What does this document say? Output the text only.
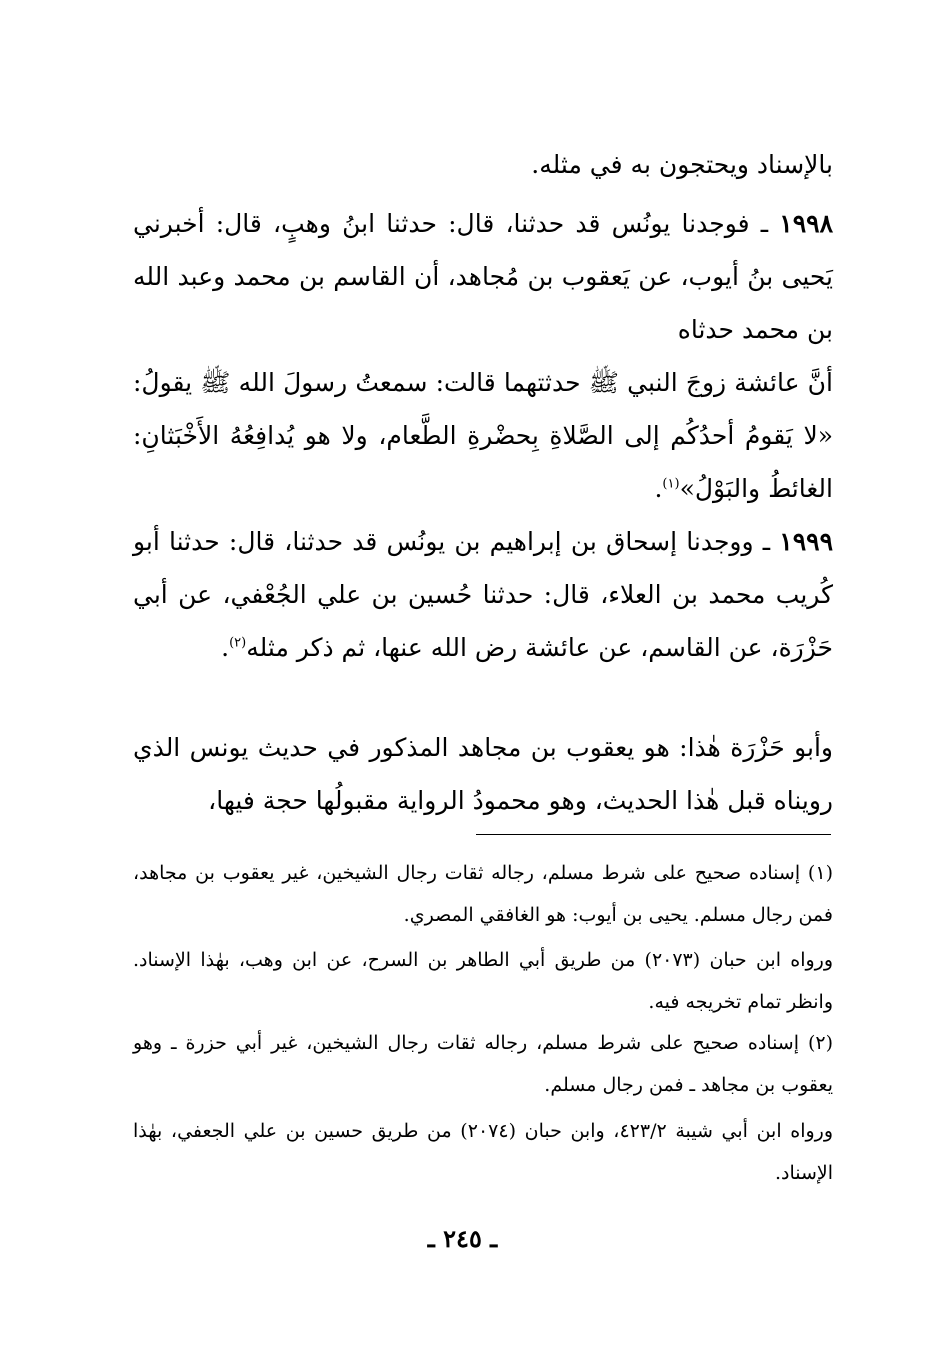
بالإسناد ويحتجون به في مثله.

١٩٩٨ ـ فوجدنا يونُس قد حدثنا، قال: حدثنا ابنُ وهبٍ، قال: أخبرني يَحيى بنُ أيوب، عن يَعقوب بن مُجاهد، أن القاسم بن محمد وعبد الله بن محمد حدثاه

أنَّ عائشة زوجَ النبي ﷺ حدثتهما قالت: سمعتُ رسولَ الله ﷺ يقولُ: «لا يَقومُ أحدُكُم إلى الصَّلاةِ بِحضْرةِ الطَّعام، ولا هو يُدافِعُهُ الأَخْبَثانِ: الغائطُ والبَوْلُ»$^{(١)}$.

١٩٩٩ ـ ووجدنا إسحاق بن إبراهيم بن يونُس قد حدثنا، قال: حدثنا أبو كُريب محمد بن العلاء، قال: حدثنا حُسين بن علي الجُعْفي، عن أبي حَزْرَة، عن القاسم، عن عائشة رض الله عنها، ثم ذكر مثله$^{(٢)}$.

وأبو حَزْرَة هٰذا: هو يعقوب بن مجاهد المذكور في حديث يونس الذي رويناه قبل هٰذا الحديث، وهو محمودُ الرواية مقبولُها حجة فيها،

(١) إسناده صحيح على شرط مسلم، رجاله ثقات رجال الشيخين، غير يعقوب بن مجاهد، فمن رجال مسلم. يحيى بن أيوب: هو الغافقي المصري.

ورواه ابن حبان (٢٠٧٣) من طريق أبي الطاهر بن السرح، عن ابن وهب، بهٰذا الإسناد. وانظر تمام تخريجه فيه.

(٢) إسناده صحيح على شرط مسلم، رجاله ثقات رجال الشيخين، غير أبي حزرة ـ وهو يعقوب بن مجاهد ـ فمن رجال مسلم.

ورواه ابن أبي شيبة ٤٢٣/٢، وابن حبان (٢٠٧٤) من طريق حسين بن علي الجعفي، بهٰذا الإسناد.

ـ ٢٤٥ ـ
